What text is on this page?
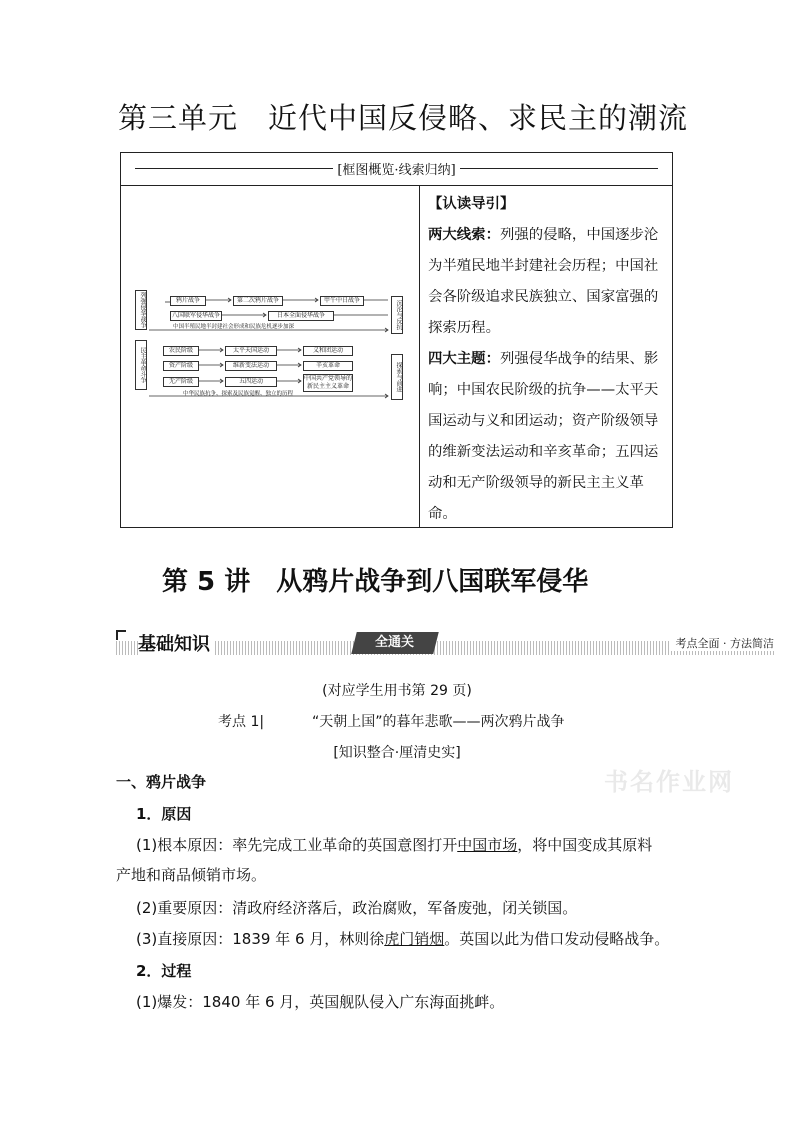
第三单元　近代中国反侵略、求民主的潮流
[框图概览·线索归纳]
列强侵华战争
民主革命斗争
沉沦与反抗
探索与前进
鸦片战争	第二次鸦片战争	甲午中日战争
八国联军侵华战争	日本全面侵华战争
中国半殖民地半封建社会形成和民族危机逐步加深
农民阶级
资产阶级
无产阶级
太平天国运动	义和团运动
维新变法运动	辛亥革命
五四运动	中国共产党领导的新民主主义革命
中华民族抗争、探索及民族觉醒、独立的历程
【认读导引】
两大线索：列强的侵略，中国逐步沦为半殖民地半封建社会历程；中国社会各阶级追求民族独立、国家富强的探索历程。
四大主题：列强侵华战争的结果、影响；中国农民阶级的抗争——太平天国运动与义和团运动；资产阶级领导的维新变法运动和辛亥革命；五四运动和无产阶级领导的新民主主义革命。
第 5 讲　从鸦片战争到八国联军侵华
基础知识	全通关	考点全面 · 方法简洁
(对应学生用书第 29 页)
考点 1|	“天朝上国”的暮年悲歌——两次鸦片战争
[知识整合·厘清史实]
书名作业网
一、鸦片战争
1．原因
(1)根本原因：率先完成工业革命的英国意图打开中国市场，将中国变成其原料
产地和商品倾销市场。
(2)重要原因：清政府经济落后，政治腐败，军备废弛，闭关锁国。
(3)直接原因：1839 年 6 月，林则徐虎门销烟。英国以此为借口发动侵略战争。
2．过程
(1)爆发：1840 年 6 月，英国舰队侵入广东海面挑衅。
